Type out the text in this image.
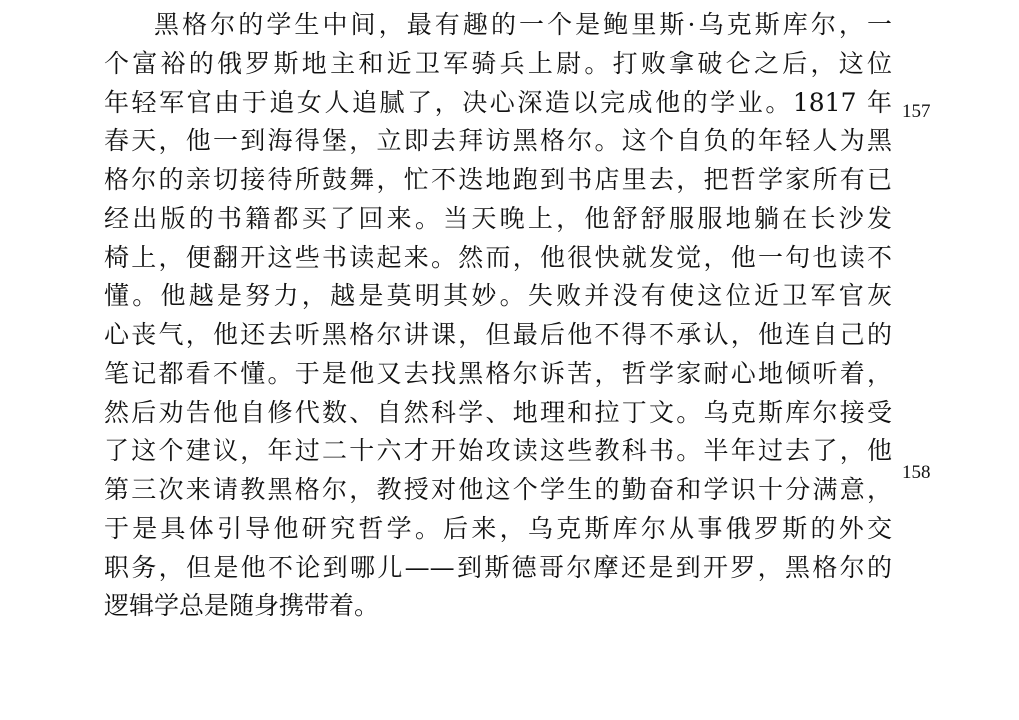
黑格尔的学生中间，最有趣的一个是鲍里斯·乌克斯库尔，一
个富裕的俄罗斯地主和近卫军骑兵上尉。打败拿破仑之后，这位
年轻军官由于追女人追腻了，决心深造以完成他的学业。1817 年
春天，他一到海得堡，立即去拜访黑格尔。这个自负的年轻人为黑
格尔的亲切接待所鼓舞，忙不迭地跑到书店里去，把哲学家所有已
经出版的书籍都买了回来。当天晚上，他舒舒服服地躺在长沙发
椅上，便翻开这些书读起来。然而，他很快就发觉，他一句也读不
懂。他越是努力，越是莫明其妙。失败并没有使这位近卫军官灰
心丧气，他还去听黑格尔讲课，但最后他不得不承认，他连自己的
笔记都看不懂。于是他又去找黑格尔诉苦，哲学家耐心地倾听着，
然后劝告他自修代数、自然科学、地理和拉丁文。乌克斯库尔接受
了这个建议，年过二十六才开始攻读这些教科书。半年过去了，他
第三次来请教黑格尔，教授对他这个学生的勤奋和学识十分满意，
于是具体引导他研究哲学。后来，乌克斯库尔从事俄罗斯的外交
职务，但是他不论到哪儿——到斯德哥尔摩还是到开罗，黑格尔的
逻辑学总是随身携带着。
157
158
